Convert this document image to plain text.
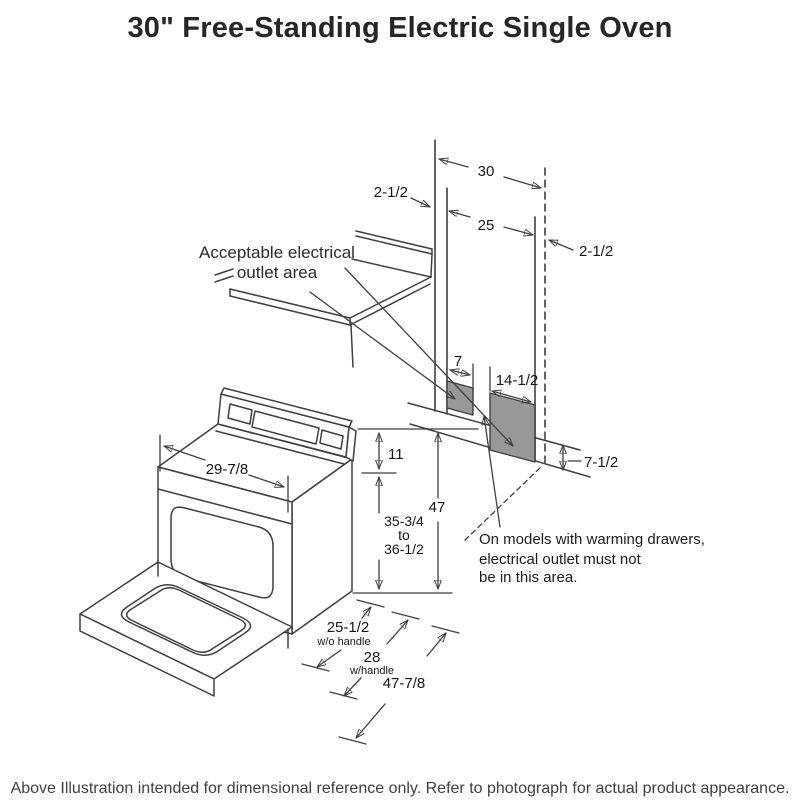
30" Free-Standing Electric Single Oven
30
25
2-1/2
2-1/2
7
14-1/2
7-1/2
29-7/8
11
35-3/4
to
36-1/2
47
25-1/2
w/o handle
28
w/handle
47-7/8
Acceptable electrical
outlet area
On models with warming drawers,
electrical outlet must not
be in this area.

Above Illustration intended for dimensional reference only. Refer to photograph for actual product appearance.
